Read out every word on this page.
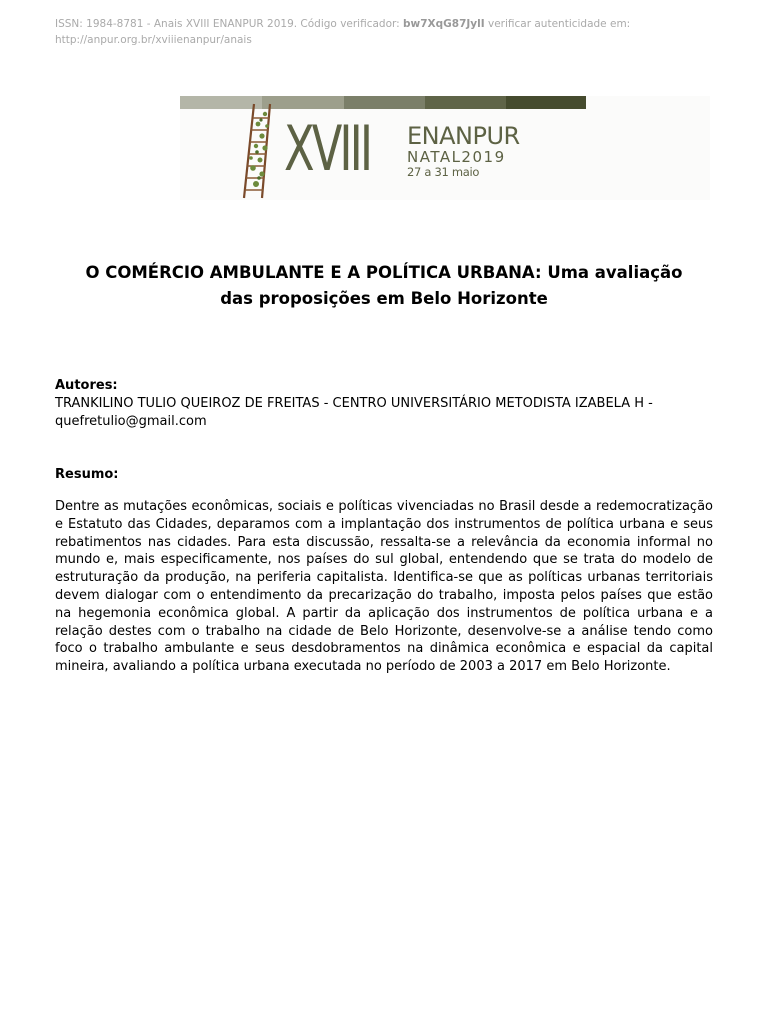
ISSN: 1984-8781 - Anais XVIII ENANPUR 2019. Código verificador: bw7XqG87JylI verificar autenticidade em:
http://anpur.org.br/xviiienanpur/anais
XVIII ENANPUR
NATAL2019
27 a 31 maio
O COMÉRCIO AMBULANTE E A POLÍTICA URBANA: Uma avaliação
das proposições em Belo Horizonte
Autores:
TRANKILINO TULIO QUEIROZ DE FREITAS - CENTRO UNIVERSITÁRIO METODISTA IZABELA H -
quefretulio@gmail.com
Resumo:
Dentre as mutações econômicas, sociais e políticas vivenciadas no Brasil desde a redemocratização e Estatuto das Cidades, deparamos com a implantação dos instrumentos de política urbana e seus rebatimentos nas cidades. Para esta discussão, ressalta-se a relevância da economia informal no mundo e, mais especificamente, nos países do sul global, entendendo que se trata do modelo de estruturação da produção, na periferia capitalista. Identifica-se que as políticas urbanas territoriais devem dialogar com o entendimento da precarização do trabalho, imposta pelos países que estão na hegemonia econômica global. A partir da aplicação dos instrumentos de política urbana e a relação destes com o trabalho na cidade de Belo Horizonte, desenvolve-se a análise tendo como foco o trabalho ambulante e seus desdobramentos na dinâmica econômica e espacial da capital mineira, avaliando a política urbana executada no período de 2003 a 2017 em Belo Horizonte.
